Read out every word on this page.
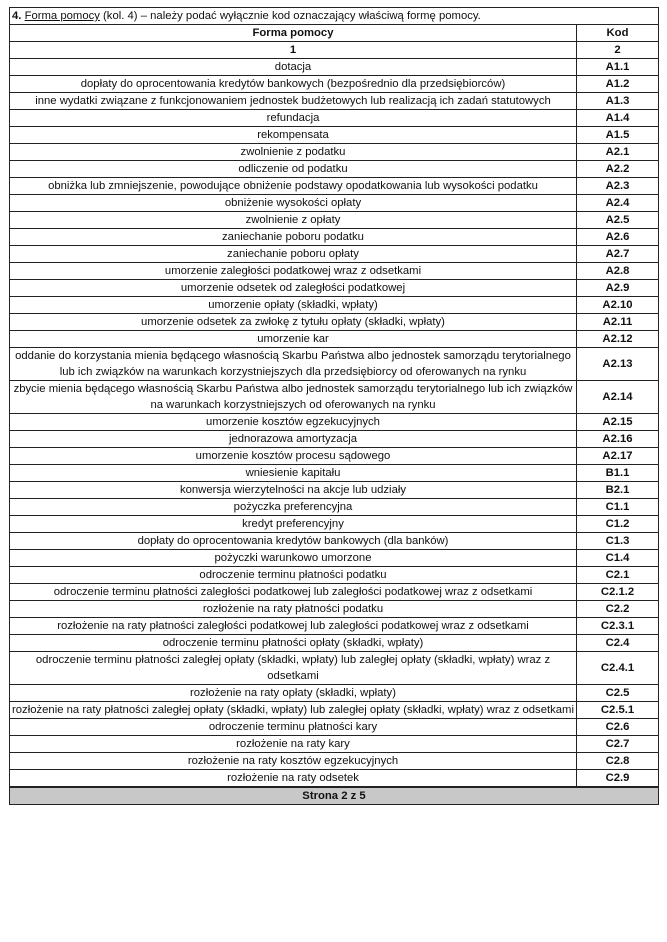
4. Forma pomocy (kol. 4) – należy podać wyłącznie kod oznaczający właściwą formę pomocy.	
Forma pomocy	Kod
1	2
dotacja	A1.1
dopłaty do oprocentowania kredytów bankowych (bezpośrednio dla przedsiębiorców)	A1.2
inne wydatki związane z funkcjonowaniem jednostek budżetowych lub realizacją ich zadań statutowych	A1.3
refundacja	A1.4
rekompensata	A1.5
zwolnienie z podatku	A2.1
odliczenie od podatku	A2.2
obniżka lub zmniejszenie, powodujące obniżenie podstawy opodatkowania lub wysokości podatku	A2.3
obniżenie wysokości opłaty	A2.4
zwolnienie z opłaty	A2.5
zaniechanie poboru podatku	A2.6
zaniechanie poboru opłaty	A2.7
umorzenie zaległości podatkowej wraz z odsetkami	A2.8
umorzenie odsetek od zaległości podatkowej	A2.9
umorzenie opłaty (składki, wpłaty)	A2.10
umorzenie odsetek za zwłokę z tytułu opłaty (składki, wpłaty)	A2.11
umorzenie kar	A2.12
oddanie do korzystania mienia będącego własnością Skarbu Państwa albo jednostek samorządu terytorialnego lub ich związków na warunkach korzystniejszych dla przedsiębiorcy od oferowanych na rynku	A2.13
zbycie mienia będącego własnością Skarbu Państwa albo jednostek samorządu terytorialnego lub ich związków na warunkach korzystniejszych od oferowanych na rynku	A2.14
umorzenie kosztów egzekucyjnych	A2.15
jednorazowa amortyzacja	A2.16
umorzenie kosztów procesu sądowego	A2.17
wniesienie kapitału	B1.1
konwersja wierzytelności na akcje lub udziały	B2.1
pożyczka preferencyjna	C1.1
kredyt preferencyjny	C1.2
dopłaty do oprocentowania kredytów bankowych (dla banków)	C1.3
pożyczki warunkowo umorzone	C1.4
odroczenie terminu płatności podatku	C2.1
odroczenie terminu płatności zaległości podatkowej lub zaległości podatkowej wraz z odsetkami	C2.1.2
rozłożenie na raty płatności podatku	C2.2
rozłożenie na raty płatności zaległości podatkowej lub zaległości podatkowej wraz z odsetkami	C2.3.1
odroczenie terminu płatności opłaty (składki, wpłaty)	C2.4
odroczenie terminu płatności zaległej opłaty (składki, wpłaty) lub zaległej opłaty (składki, wpłaty) wraz z odsetkami	C2.4.1
rozłożenie na raty opłaty (składki, wpłaty)	C2.5
rozłożenie na raty płatności zaległej opłaty (składki, wpłaty) lub zaległej opłaty (składki, wpłaty) wraz z odsetkami	C2.5.1
odroczenie terminu płatności kary	C2.6
rozłożenie na raty kary	C2.7
rozłożenie na raty kosztów egzekucyjnych	C2.8
rozłożenie na raty odsetek	C2.9
Strona 2 z 5	
